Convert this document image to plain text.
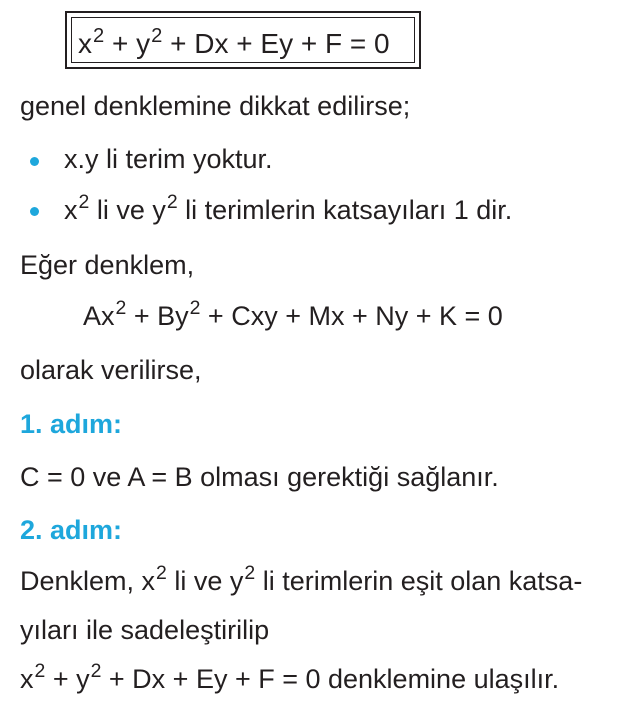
$x^2 + y^2 + Dx + Ey + F = 0$
genel denklemine dikkat edilirse;
x.y li terim yoktur.
$x^2$ li ve $y^2$ li terimlerin katsayıları 1 dir.
Eğer denklem,
$Ax^2 + By^2$ + Cxy + Mx + Ny + K = 0
olarak verilirse,
1. adım:
C = 0 ve A = B olması gerektiği sağlanır.
2. adım:
Denklem, $x^2$ li ve $y^2$ li terimlerin eşit olan katsa-
yıları ile sadeleştirilip
$x^2 + y^2 + Dx + Ey + F = 0$ denklemine ulaşılır.
